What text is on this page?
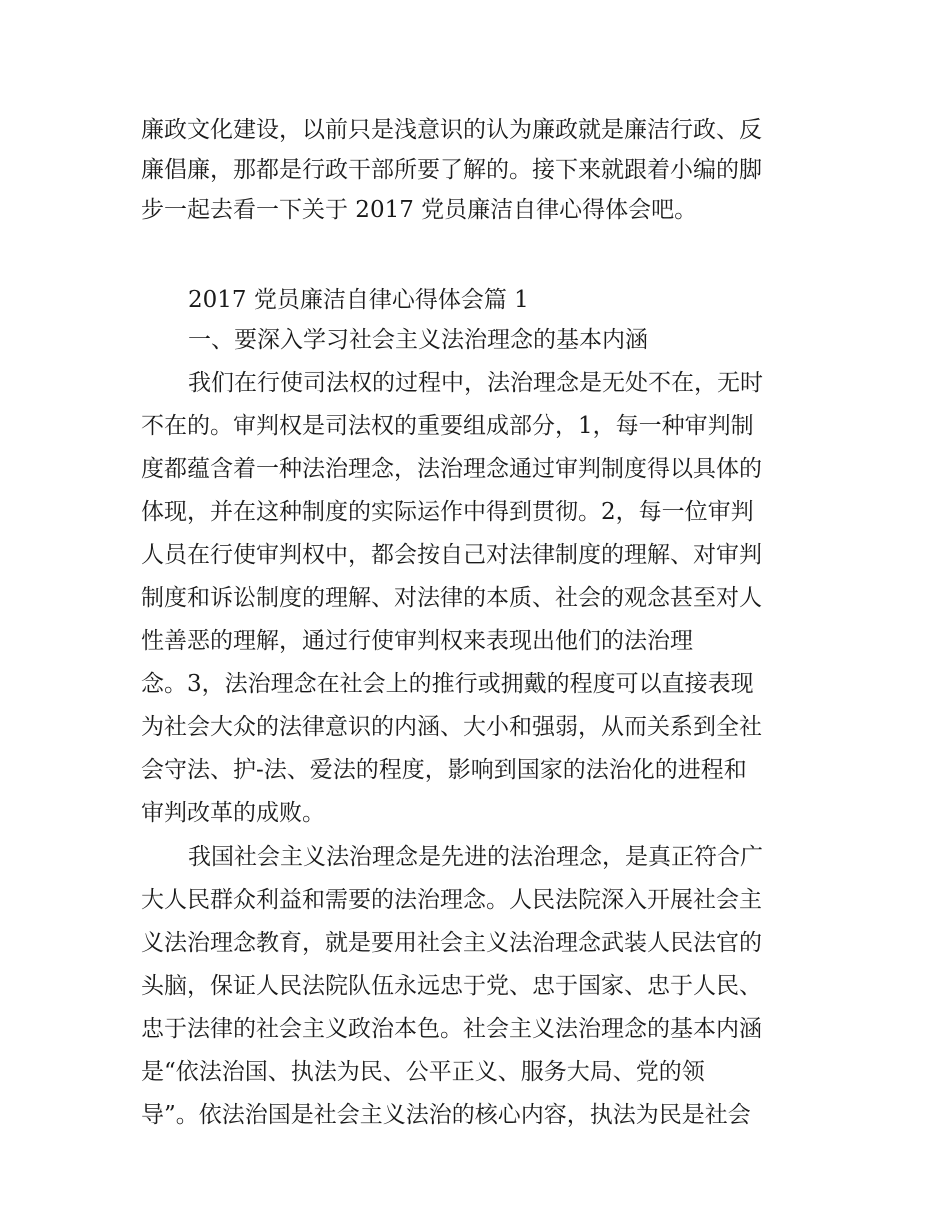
廉政文化建设，以前只是浅意识的认为廉政就是廉洁行政、反
廉倡廉，那都是行政干部所要了解的。接下来就跟着小编的脚
步一起去看一下关于 2017 党员廉洁自律心得体会吧。
2017 党员廉洁自律心得体会篇 1
一、要深入学习社会主义法治理念的基本内涵
我们在行使司法权的过程中，法治理念是无处不在，无时
不在的。审判权是司法权的重要组成部分，1，每一种审判制
度都蕴含着一种法治理念，法治理念通过审判制度得以具体的
体现，并在这种制度的实际运作中得到贯彻。2，每一位审判
人员在行使审判权中，都会按自己对法律制度的理解、对审判
制度和诉讼制度的理解、对法律的本质、社会的观念甚至对人
性善恶的理解，通过行使审判权来表现出他们的法治理
念。3，法治理念在社会上的推行或拥戴的程度可以直接表现
为社会大众的法律意识的内涵、大小和强弱，从而关系到全社
会守法、护-法、爱法的程度，影响到国家的法治化的进程和
审判改革的成败。
我国社会主义法治理念是先进的法治理念，是真正符合广
大人民群众利益和需要的法治理念。人民法院深入开展社会主
义法治理念教育，就是要用社会主义法治理念武装人民法官的
头脑，保证人民法院队伍永远忠于党、忠于国家、忠于人民、
忠于法律的社会主义政治本色。社会主义法治理念的基本内涵
是“依法治国、执法为民、公平正义、服务大局、党的领
导”。依法治国是社会主义法治的核心内容，执法为民是社会
